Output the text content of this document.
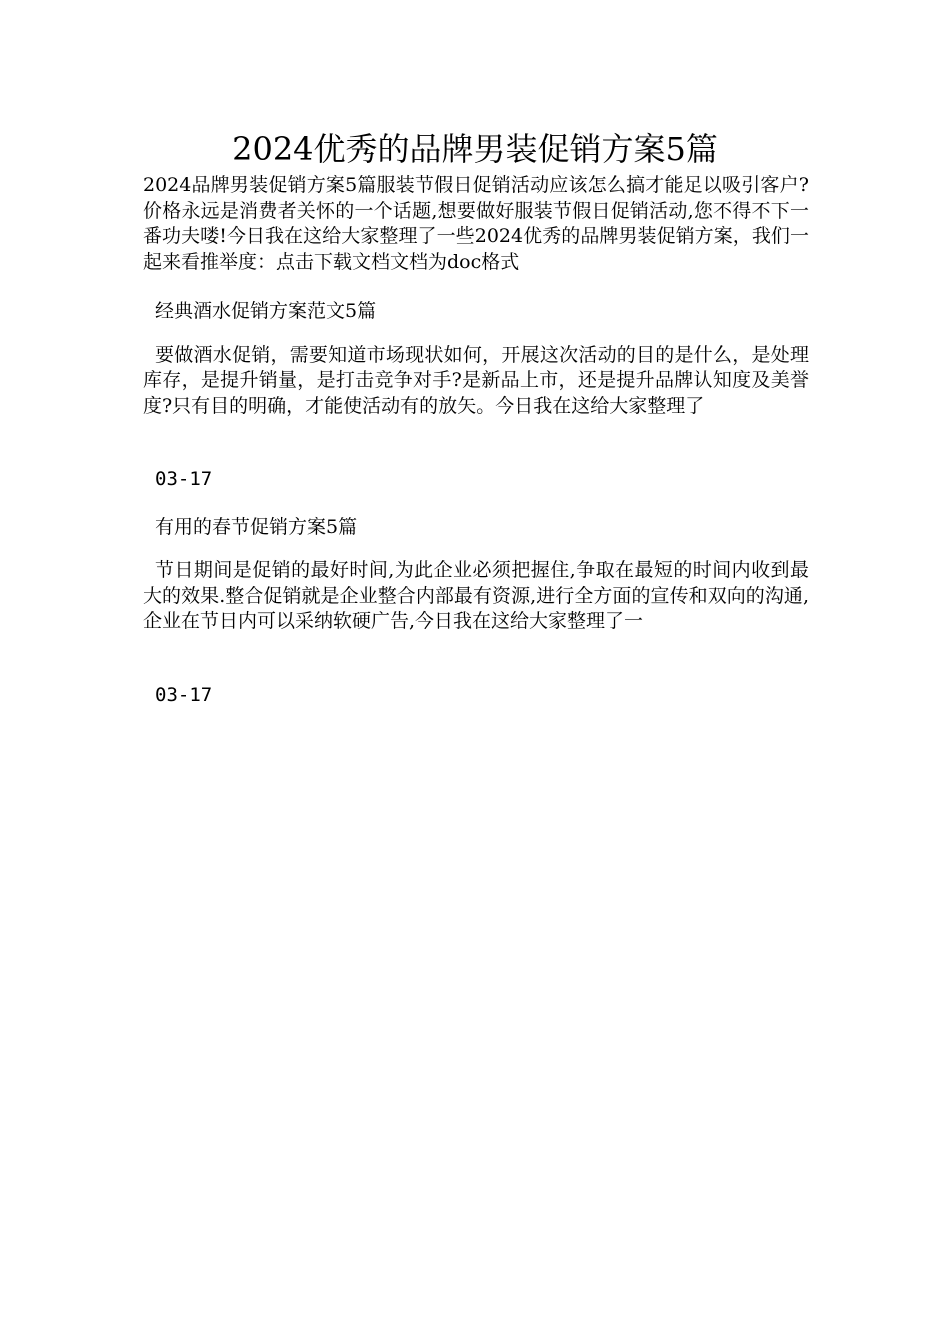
2024优秀的品牌男装促销方案5篇

2024品牌男装促销方案5篇服装节假日促销活动应该怎么搞才能足以吸引客户?价格永远是消费者关怀的一个话题,想要做好服装节假日促销活动,您不得不下一番功夫喽!今日我在这给大家整理了一些2024优秀的品牌男装促销方案，我们一起来看推举度：点击下载文档文档为doc格式

经典酒水促销方案范文5篇

要做酒水促销，需要知道市场现状如何，开展这次活动的目的是什么，是处理库存，是提升销量，是打击竞争对手?是新品上市，还是提升品牌认知度及美誉度?只有目的明确，才能使活动有的放矢。今日我在这给大家整理了

03-17

有用的春节促销方案5篇

节日期间是促销的最好时间,为此企业必须把握住,争取在最短的时间内收到最大的效果.整合促销就是企业整合内部最有资源,进行全方面的宣传和双向的沟通,企业在节日内可以采纳软硬广告,今日我在这给大家整理了一

03-17
